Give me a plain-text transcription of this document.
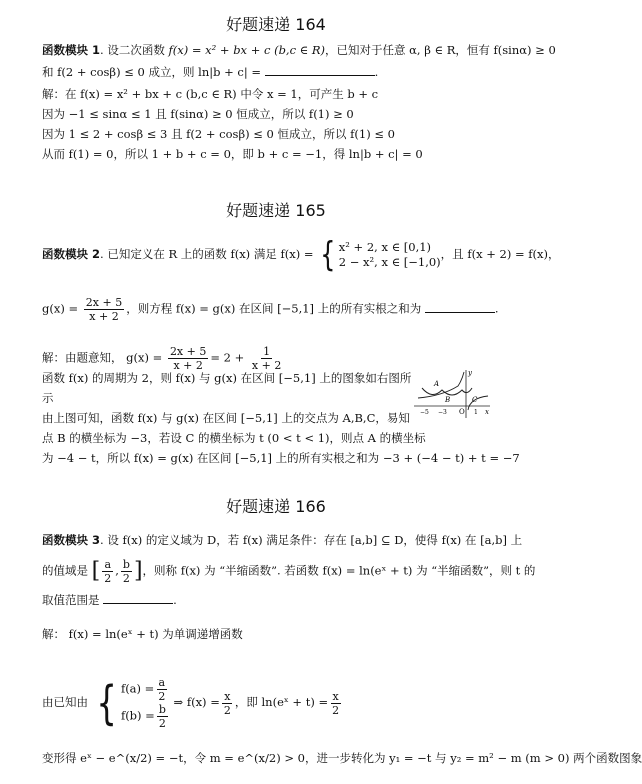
好题速递 164
函数模块 1. 设二次函数 f(x) = x² + bx + c (b,c ∈ R)，已知对于任意 α, β ∈ R，恒有 f(sinα) ≥ 0
和 f(2 + cosβ) ≤ 0 成立，则 ln|b + c| =	.
解：在 f(x) = x² + bx + c (b,c ∈ R) 中令 x = 1，可产生 b + c
因为 −1 ≤ sinα ≤ 1 且 f(sinα) ≥ 0 恒成立，所以 f(1) ≥ 0
因为 1 ≤ 2 + cosβ ≤ 3 且 f(2 + cosβ) ≤ 0 恒成立，所以 f(1) ≤ 0
从而 f(1) = 0，所以 1 + b + c = 0，即 b + c = −1，得 ln|b + c| = 0
好题速递 165
函数模块 2. 已知定义在 R 上的函数 f(x) 满足 f(x) = { x² + 2, x ∈ [0,1)
2 − x², x ∈ [−1,0)
，且 f(x + 2) = f(x)，
$g(x) = \frac{2x + 5}{x + 2}$ ，则方程 f(x) = g(x) 在区间 [−5,1] 上的所有实根之和为	.
解：由题意知， $g(x) = \frac{2x + 5}{x + 2} = 2 + \frac{1}{x + 2}$
函数 f(x) 的周期为 2，则 f(x) 与 g(x) 在区间 [−5,1] 上的图象如右图所
示
由上图可知，函数 f(x) 与 g(x) 在区间 [−5,1] 上的交点为 A,B,C，易知
点 B 的横坐标为 −3，若设 C 的横坐标为 t (0 < t < 1)，则点 A 的横坐标
为 −4 − t，所以 f(x) = g(x) 在区间 [−5,1] 上的所有实根之和为 −3 + (−4 − t) + t = −7
y
x
O
A
B	C
−5 −3	1
好题速递 166
函数模块 3. 设 f(x) 的定义域为 D，若 f(x) 满足条件：存在 [a,b] ⊆ D，使得 f(x) 在 [a,b] 上
的值域是 [ $\frac{a}{2}$ , $\frac{b}{2}$ ]，则称 f(x) 为 “半缩函数”. 若函数 f(x) = ln(eˣ + t) 为 “半缩函数”，则 t 的
取值范围是	.
解： f(x) = ln(eˣ + t) 为单调递增函数
由已知由 { $f(a) = \frac{a}{2}$
$f(b) = \frac{b}{2}$
⇒ $f(x) = \frac{x}{2}$ ，即 ln(eˣ + $t) = \frac{x}{2}$
变形得 eˣ − e^(x/2) = −t，令 m = e^(x/2) > 0，进一步转化为 y₁ = −t 与 y₂ = m² − m (m > 0) 两个函数图象
